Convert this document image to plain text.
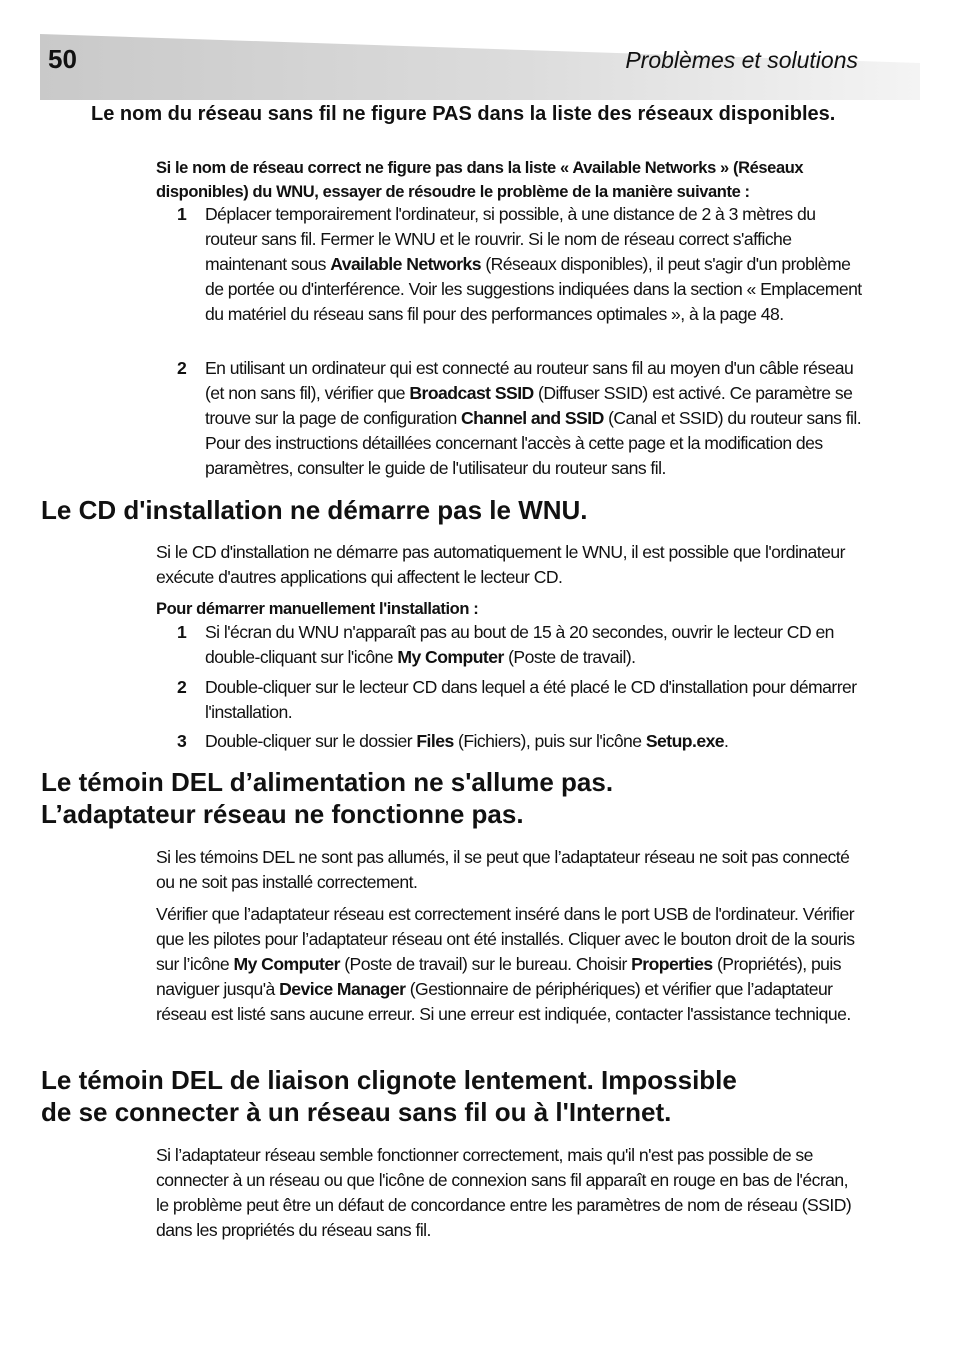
50	Problèmes et solutions
Le nom du réseau sans fil ne figure PAS dans la liste des réseaux disponibles.

Si le nom de réseau correct ne figure pas dans la liste « Available Networks » (Réseaux disponibles) du WNU, essayer de résoudre le problème de la manière suivante :

1	Déplacer temporairement l'ordinateur, si possible, à une distance de 2 à 3 mètres du routeur sans fil. Fermer le WNU et le rouvrir. Si le nom de réseau correct s'affiche maintenant sous Available Networks (Réseaux disponibles), il peut s'agir d'un problème de portée ou d'interférence. Voir les suggestions indiquées dans la section « Emplacement du matériel du réseau sans fil pour des performances optimales », à la page 48.
2	En utilisant un ordinateur qui est connecté au routeur sans fil au moyen d'un câble réseau (et non sans fil), vérifier que Broadcast SSID (Diffuser SSID) est activé. Ce paramètre se trouve sur la page de configuration Channel and SSID (Canal et SSID) du routeur sans fil. Pour des instructions détaillées concernant l'accès à cette page et la modification des paramètres, consulter le guide de l'utilisateur du routeur sans fil.
Le CD d'installation ne démarre pas le WNU.

Si le CD d'installation ne démarre pas automatiquement le WNU, il est possible que l'ordinateur exécute d'autres applications qui affectent le lecteur CD.

Pour démarrer manuellement l'installation :

1	Si l'écran du WNU n'apparaît pas au bout de 15 à 20 secondes, ouvrir le lecteur CD en double-cliquant sur l'icône My Computer (Poste de travail).
2	Double-cliquer sur le lecteur CD dans lequel a été placé le CD d'installation pour démarrer l'installation.
3	Double-cliquer sur le dossier Files (Fichiers), puis sur l'icône Setup.exe.
Le témoin DEL d’alimentation ne s'allume pas.
L’adaptateur réseau ne fonctionne pas.

Si les témoins DEL ne sont pas allumés, il se peut que l’adaptateur réseau ne soit pas connecté ou ne soit pas installé correctement.

Vérifier que l’adaptateur réseau est correctement inséré dans le port USB de l'ordinateur. Vérifier que les pilotes pour l’adaptateur réseau ont été installés. Cliquer avec le bouton droit de la souris sur l’icône My Computer (Poste de travail) sur le bureau. Choisir Properties (Propriétés), puis naviguer jusqu'à Device Manager (Gestionnaire de périphériques) et vérifier que l’adaptateur réseau est listé sans aucune erreur. Si une erreur est indiquée, contacter l'assistance technique.

Le témoin DEL de liaison clignote lentement. Impossible
de se connecter à un réseau sans fil ou à l'Internet.

Si l’adaptateur réseau semble fonctionner correctement, mais qu'il n'est pas possible de se connecter à un réseau ou que l'icône de connexion sans fil apparaît en rouge en bas de l'écran, le problème peut être un défaut de concordance entre les paramètres de nom de réseau (SSID) dans les propriétés du réseau sans fil.
